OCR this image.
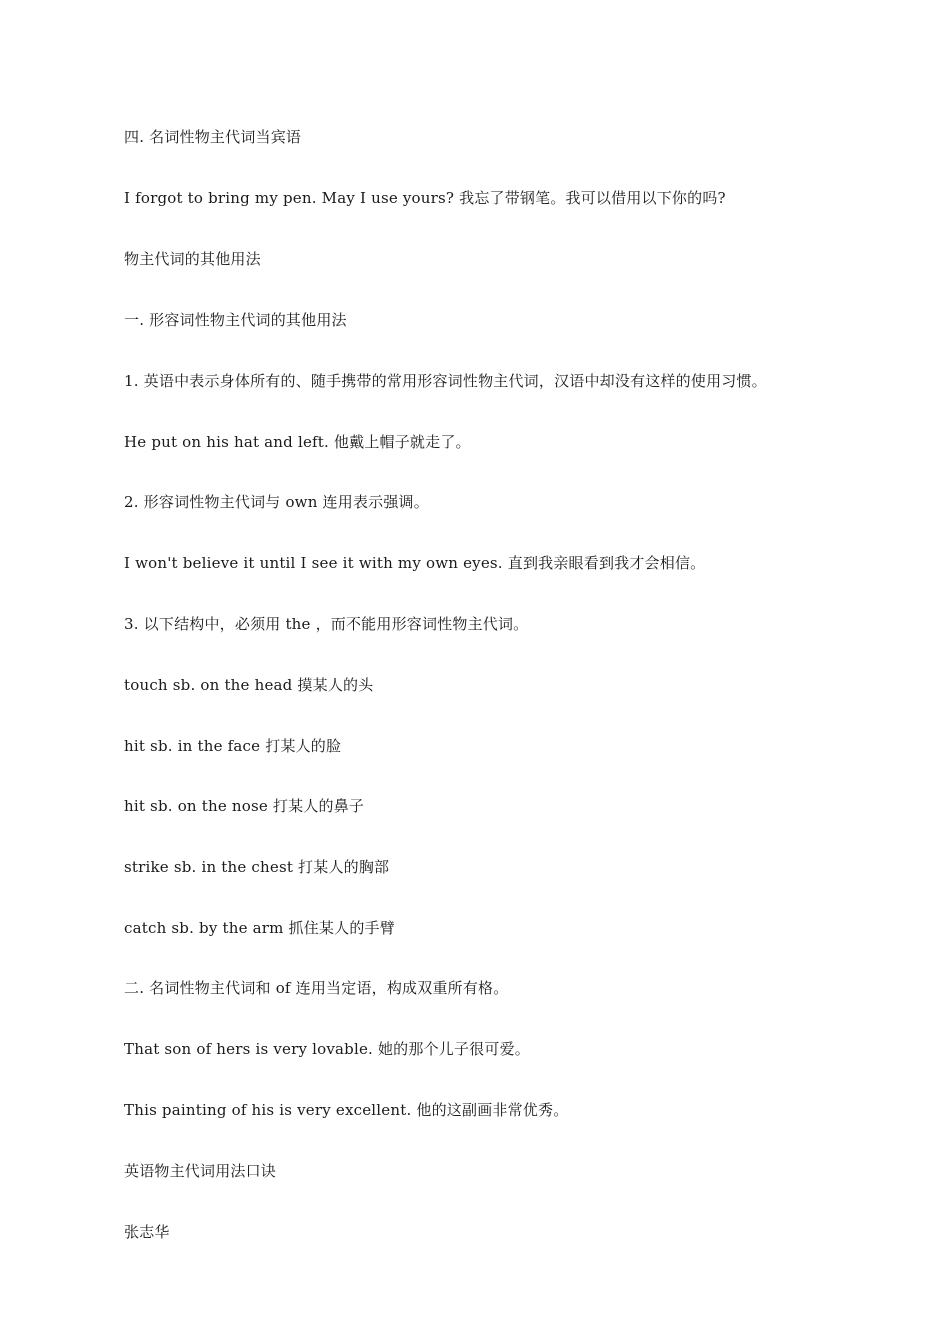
四. 名词性物主代词当宾语

I forgot to bring my pen. May I use yours? 我忘了带钢笔。我可以借用以下你的吗?

物主代词的其他用法

一. 形容词性物主代词的其他用法

1. 英语中表示身体所有的、随手携带的常用形容词性物主代词，汉语中却没有这样的使用习惯。

He put on his hat and left. 他戴上帽子就走了。

2. 形容词性物主代词与 own 连用表示强调。

I won't believe it until I see it with my own eyes. 直到我亲眼看到我才会相信。

3. 以下结构中，必须用 the ，而不能用形容词性物主代词。

touch sb. on the head 摸某人的头

hit sb. in the face 打某人的脸

hit sb. on the nose 打某人的鼻子

strike sb. in the chest 打某人的胸部

catch sb. by the arm 抓住某人的手臂

二. 名词性物主代词和 of 连用当定语，构成双重所有格。

That son of hers is very lovable. 她的那个儿子很可爱。

This painting of his is very excellent. 他的这副画非常优秀。

英语物主代词用法口诀

张志华
